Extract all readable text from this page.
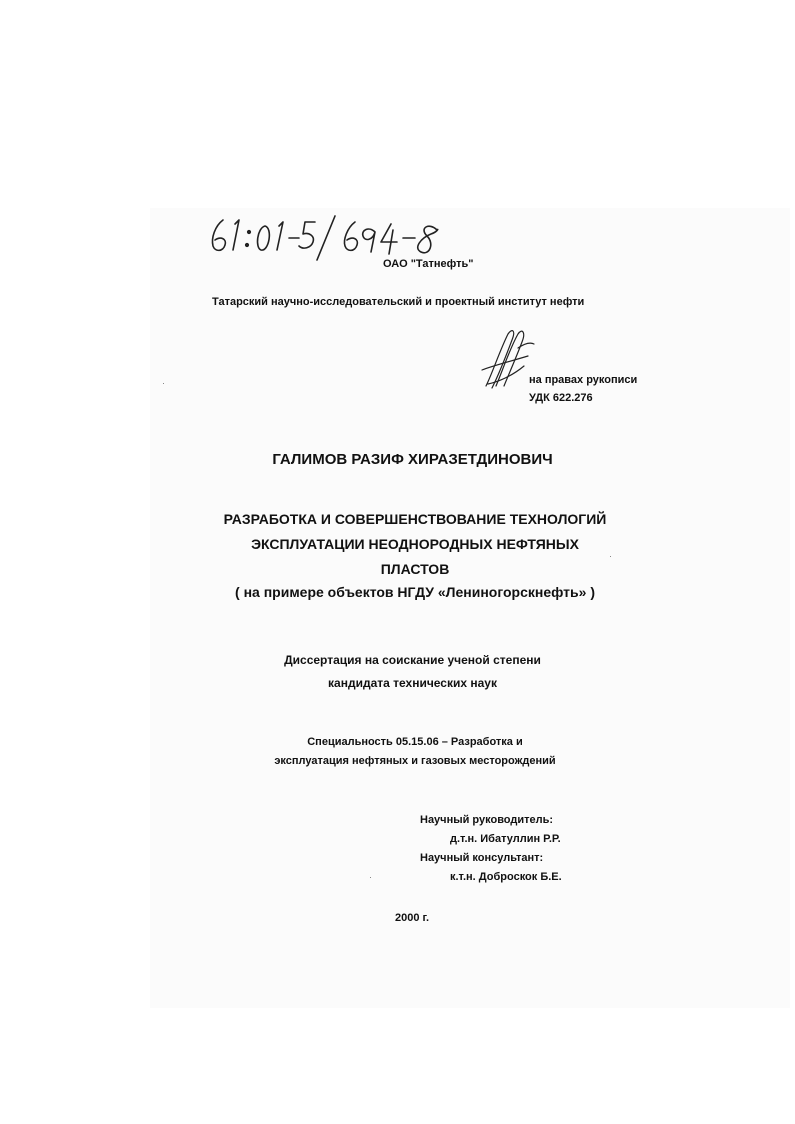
ОАО "Татнефть"
Татарский научно-исследовательский и проектный институт нефти
на правах рукописи
УДК 622.276
ГАЛИМОВ РАЗИФ ХИРАЗЕТДИНОВИЧ
РАЗРАБОТКА И СОВЕРШЕНСТВОВАНИЕ ТЕХНОЛОГИЙ
ЭКСПЛУАТАЦИИ НЕОДНОРОДНЫХ НЕФТЯНЫХ
ПЛАСТОВ
( на примере объектов НГДУ «Лениногорскнефть» )
Диссертация на соискание ученой степени
кандидата технических наук
Специальность 05.15.06 – Разработка и
эксплуатация нефтяных и газовых месторождений
Научный руководитель:
д.т.н. Ибатуллин Р.Р.
Научный консультант:
к.т.н. Доброскок Б.Е.
2000 г.
